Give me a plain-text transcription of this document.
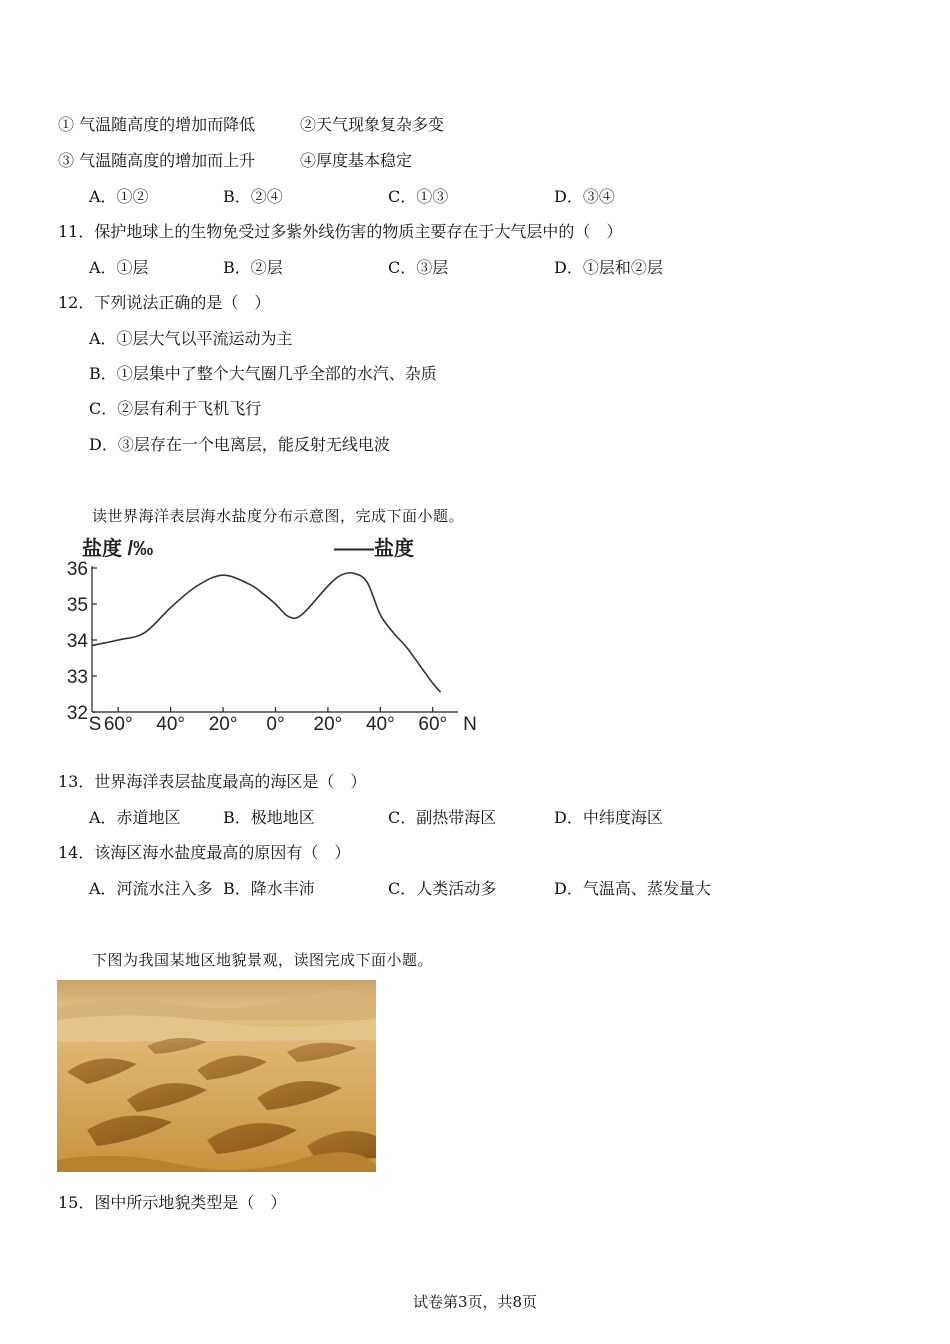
① 气温随高度的增加而降低	②天气现象复杂多变
③ 气温随高度的增加而上升	④厚度基本稳定
A．①②	B．②④	C．①③	D．③④
11．保护地球上的生物免受过多紫外线伤害的物质主要存在于大气层中的（　）
A．①层	B．②层	C．③层	D．①层和②层
12．下列说法正确的是（　）
A．①层大气以平流运动为主
B．①层集中了整个大气圈几乎全部的水汽、杂质
C．②层有利于飞机飞行
D．③层存在一个电离层，能反射无线电波
读世界海洋表层海水盐度分布示意图，完成下面小题。
盐度 /‰	——盐度
36
35
34
33
32
S 60° 40° 20° 0° 20° 40° 60° N
13．世界海洋表层盐度最高的海区是（　）
A．赤道地区	B．极地地区	C．副热带海区	D．中纬度海区
14．该海区海水盐度最高的原因有（　）
A．河流水注入多 B．降水丰沛	C．人类活动多	D．气温高、蒸发量大
下图为我国某地区地貌景观，读图完成下面小题。
15．图中所示地貌类型是（　）
试卷第3页，共8页
